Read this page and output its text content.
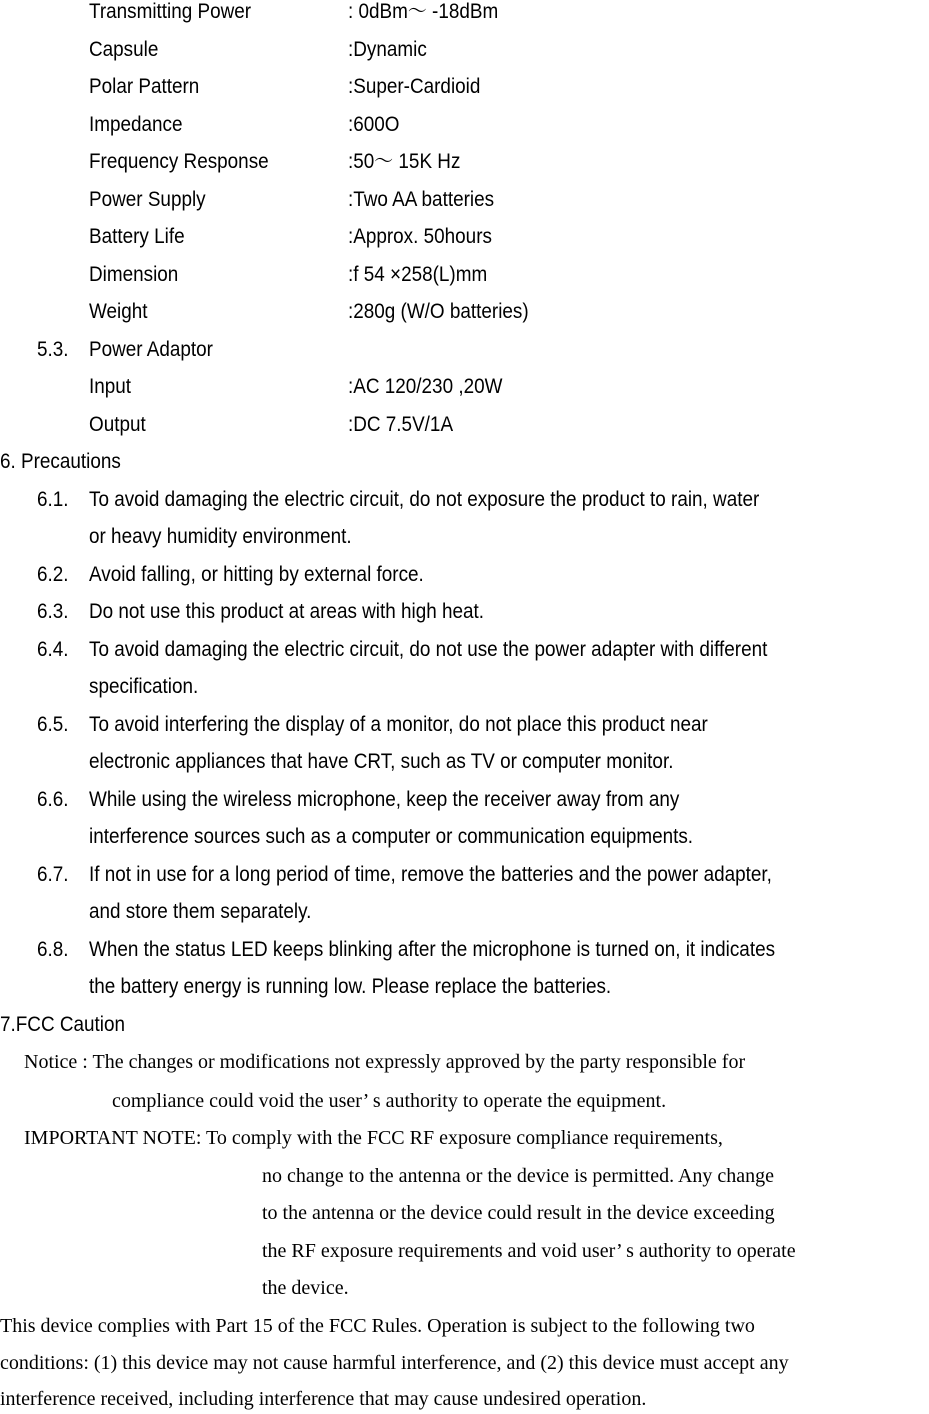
Transmitting Power	: 0dBm〜 -18dBm
Capsule	:Dynamic
Polar Pattern	:Super-Cardioid
Impedance	:600O
Frequency Response	:50〜 15K Hz
Power Supply	:Two AA batteries
Battery Life	:Approx. 50hours
Dimension	:f 54 ×258(L)mm
Weight	:280g (W/O batteries)
5.3. Power Adaptor
Input	:AC 120/230 ,20W
Output	:DC 7.5V/1A
6. Precautions
6.1. To avoid damaging the electric circuit, do not exposure the product to rain, water
or heavy humidity environment.
6.2. Avoid falling, or hitting by external force.
6.3. Do not use this product at areas with high heat.
6.4. To avoid damaging the electric circuit, do not use the power adapter with different
specification.
6.5. To avoid interfering the display of a monitor, do not place this product near
electronic appliances that have CRT, such as TV or computer monitor.
6.6. While using the wireless microphone, keep the receiver away from any
interference sources such as a computer or communication equipments.
6.7. If not in use for a long period of time, remove the batteries and the power adapter,
and store them separately.
6.8. When the status LED keeps blinking after the microphone is turned on, it indicates
the battery energy is running low. Please replace the batteries.
7.FCC Caution
Notice : The changes or modifications not expressly approved by the party responsible for
compliance could void the user’ s authority to operate the equipment.
IMPORTANT NOTE: To comply with the FCC RF exposure compliance requirements,
no change to the antenna or the device is permitted. Any change
to the antenna or the device could result in the device exceeding
the RF exposure requirements and void user’ s authority to operate
the device.
This device complies with Part 15 of the FCC Rules. Operation is subject to the following two
conditions: (1) this device may not cause harmful interference, and (2) this device must accept any
interference received, including interference that may cause undesired operation.
